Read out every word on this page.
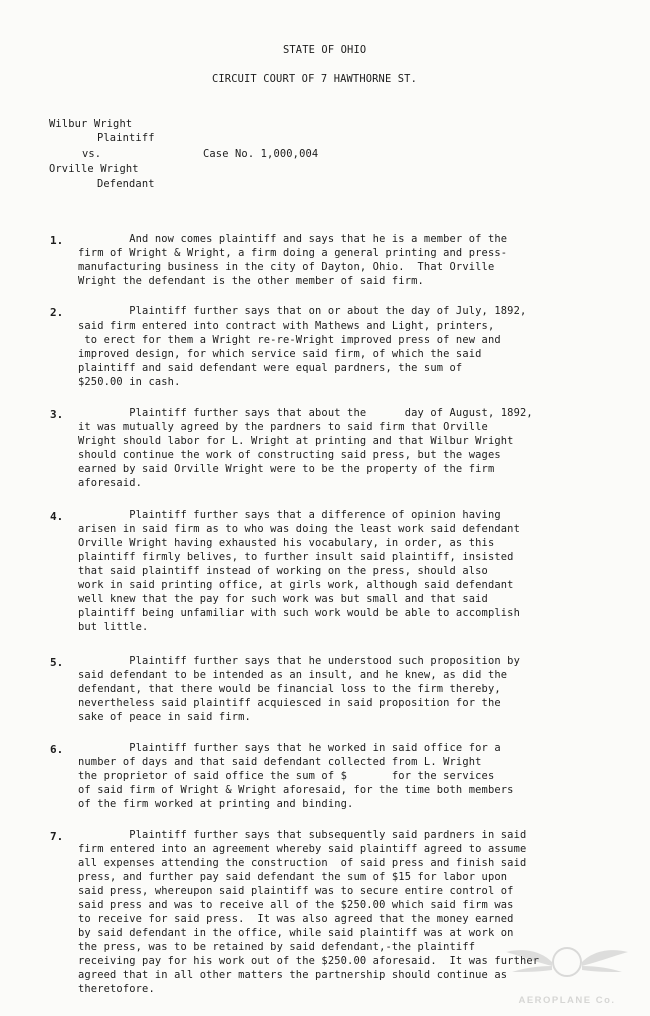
STATE OF OHIO
CIRCUIT COURT OF 7 HAWTHORNE ST.
Wilbur Wright
Plaintiff
vs.	Case No. 1,000,004
Orville Wright
Defendant
1. And now comes plaintiff and says that he is a member of the
firm of Wright & Wright, a firm doing a general printing and press-
manufacturing business in the city of Dayton, Ohio.  That Orville
Wright the defendant is the other member of said firm.
2. Plaintiff further says that on or about the day of July, 1892,
said firm entered into contract with Mathews and Light, printers,
to erect for them a Wright re-re-Wright improved press of new and
improved design, for which service said firm, of which the said
plaintiff and said defendant were equal pardners, the sum of
$250.00 in cash.
3. Plaintiff further says that about the      day of August, 1892,
it was mutually agreed by the pardners to said firm that Orville
Wright should labor for L. Wright at printing and that Wilbur Wright
should continue the work of constructing said press, but the wages
earned by said Orville Wright were to be the property of the firm
aforesaid.
4. Plaintiff further says that a difference of opinion having
arisen in said firm as to who was doing the least work said defendant
Orville Wright having exhausted his vocabulary, in order, as this
plaintiff firmly belives, to further insult said plaintiff, insisted
that said plaintiff instead of working on the press, should also
work in said printing office, at girls work, although said defendant
well knew that the pay for such work was but small and that said
plaintiff being unfamiliar with such work would be able to accomplish
but little.
5. Plaintiff further says that he understood such proposition by
said defendant to be intended as an insult, and he knew, as did the
defendant, that there would be financial loss to the firm thereby,
nevertheless said plaintiff acquiesced in said proposition for the
sake of peace in said firm.
6. Plaintiff further says that he worked in said office for a
number of days and that said defendant collected from L. Wright
the proprietor of said office the sum of $       for the services
of said firm of Wright & Wright aforesaid, for the time both members
of the firm worked at printing and binding.
7. Plaintiff further says that subsequently said pardners in said
firm entered into an agreement whereby said plaintiff agreed to assume
all expenses attending the construction  of said press and finish said
press, and further pay said defendant the sum of $15 for labor upon
said press, whereupon said plaintiff was to secure entire control of
said press and was to receive all of the $250.00 which said firm was
to receive for said press.  It was also agreed that the money earned
by said defendant in the office, while said plaintiff was at work on
the press, was to be retained by said defendant,-the plaintiff
receiving pay for his work out of the $250.00 aforesaid.  It was further
agreed that in all other matters the partnership should continue as
theretofore.
AEROPLANE Co.
